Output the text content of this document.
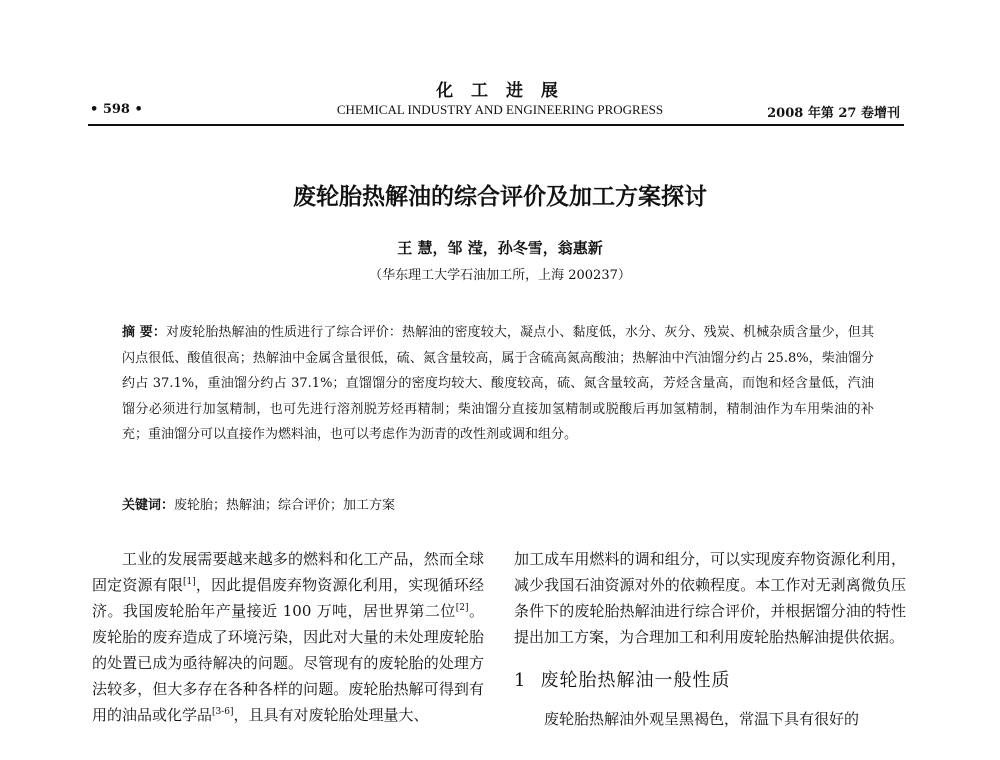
化 工 进 展
• 598 •	CHEMICAL INDUSTRY AND ENGINEERING PROGRESS	2008 年第 27 卷增刊
废轮胎热解油的综合评价及加工方案探讨
王 慧，邹 滢，孙冬雪，翁惠新
（华东理工大学石油加工所，上海 200237）
摘 要：对废轮胎热解油的性质进行了综合评价：热解油的密度较大，凝点小、黏度低，水分、灰分、残炭、机械杂质含量少，但其闪点很低、酸值很高；热解油中金属含量很低，硫、氮含量较高，属于含硫高氮高酸油；热解油中汽油馏分约占 25.8%，柴油馏分约占 37.1%，重油馏分约占 37.1%；直馏馏分的密度均较大、酸度较高，硫、氮含量较高，芳烃含量高，而饱和烃含量低，汽油馏分必须进行加氢精制，也可先进行溶剂脱芳烃再精制；柴油馏分直接加氢精制或脱酸后再加氢精制，精制油作为车用柴油的补充；重油馏分可以直接作为燃料油，也可以考虑作为沥青的改性剂或调和组分。
关键词：废轮胎；热解油；综合评价；加工方案

工业的发展需要越来越多的燃料和化工产品，然而全球固定资源有限[1]，因此提倡废弃物资源化利用，实现循环经济。我国废轮胎年产量接近 100 万吨，居世界第二位[2]。废轮胎的废弃造成了环境污染，因此对大量的未处理废轮胎的处置已成为亟待解决的问题。尽管现有的废轮胎的处理方法较多，但大多存在各种各样的问题。废轮胎热解可得到有用的油品或化学品[3-6]，且具有对废轮胎处理量大、

加工成车用燃料的调和组分，可以实现废弃物资源化利用，减少我国石油资源对外的依赖程度。本工作对无剥离微负压条件下的废轮胎热解油进行综合评价，并根据馏分油的特性提出加工方案，为合理加工和利用废轮胎热解油提供依据。

1 废轮胎热解油一般性质

废轮胎热解油外观呈黑褐色，常温下具有很好的
